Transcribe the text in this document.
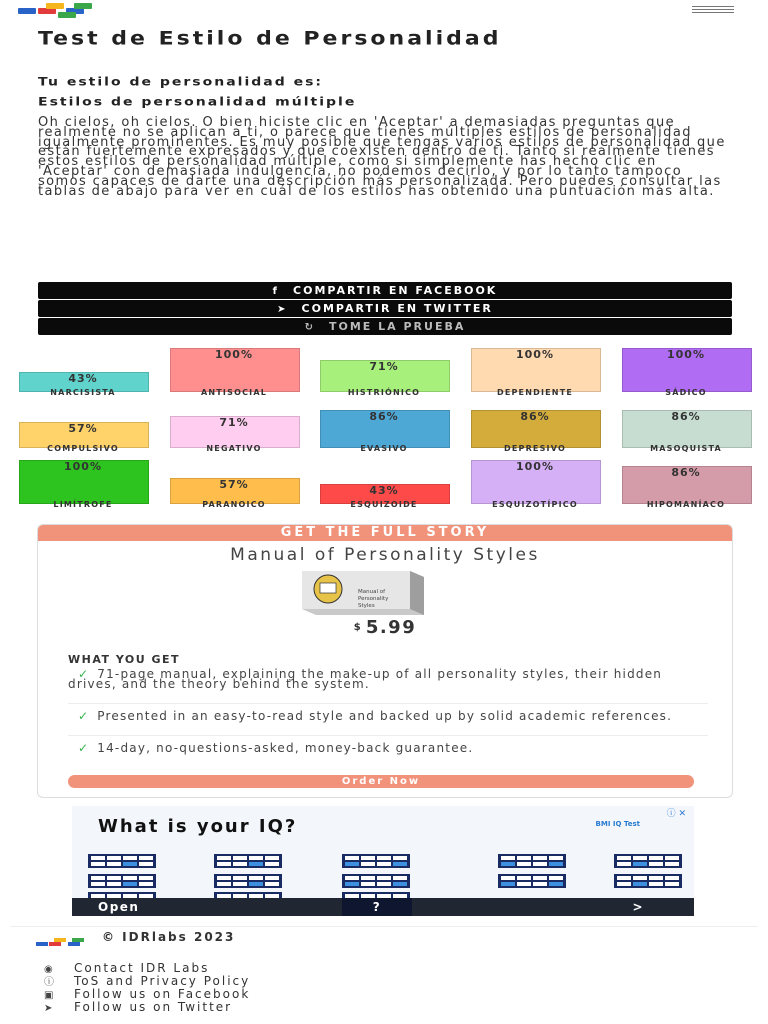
Test de Estilo de Personalidad

Tu estilo de personalidad es:

Estilos de personalidad múltiple

Oh cielos, oh cielos. O bien hiciste clic en 'Aceptar' a demasiadas preguntas que realmente no se aplican a ti, o parece que tienes múltiples estilos de personalidad igualmente prominentes. Es muy posible que tengas varios estilos de personalidad que están fuertemente expresados y que coexisten dentro de ti. Tanto si realmente tienes estos estilos de personalidad múltiple, como si simplemente has hecho clic en 'Aceptar' con demasiada indulgencia, no podemos decirlo, y por lo tanto tampoco somos capaces de darte una descripción más personalizada. Pero puedes consultar las tablas de abajo para ver en cuál de los estilos has obtenido una puntuación más alta.

f COMPARTIR EN FACEBOOK
➤ COMPARTIR EN TWITTER
↻ TOME LA PRUEBA
43%
NARCISISTA
100%
ANTISOCIAL
71%
HISTRIÓNICO
100%
DEPENDIENTE
100%
SÁDICO
57%
COMPULSIVO
71%
NEGATIVO
86%
EVASIVO
86%
DEPRESIVO
86%
MASOQUISTA
100%
LIMÍTROFE
57%
PARANOICO
43%
ESQUIZOIDE
100%
ESQUIZOTÍPICO
86%
HIPOMANÍACO
GET THE FULL STORY
Manual of Personality Styles
Manual of
Personality
Styles
$ 5.99
WHAT YOU GET
✓ 71-page manual, explaining the make-up of all personality styles, their hidden drives, and the theory behind the system.
✓ Presented in an easy-to-read style and backed up by solid academic references.
✓ 14-day, no-questions-asked, money-back guarantee.
Order Now
What is your IQ?
ⓘ ✕
BMI IQ Test
Open	?	>
© IDRlabs 2023
◉ Contact IDR Labs
ⓘ ToS and Privacy Policy
▣ Follow us on Facebook
➤ Follow us on Twitter
